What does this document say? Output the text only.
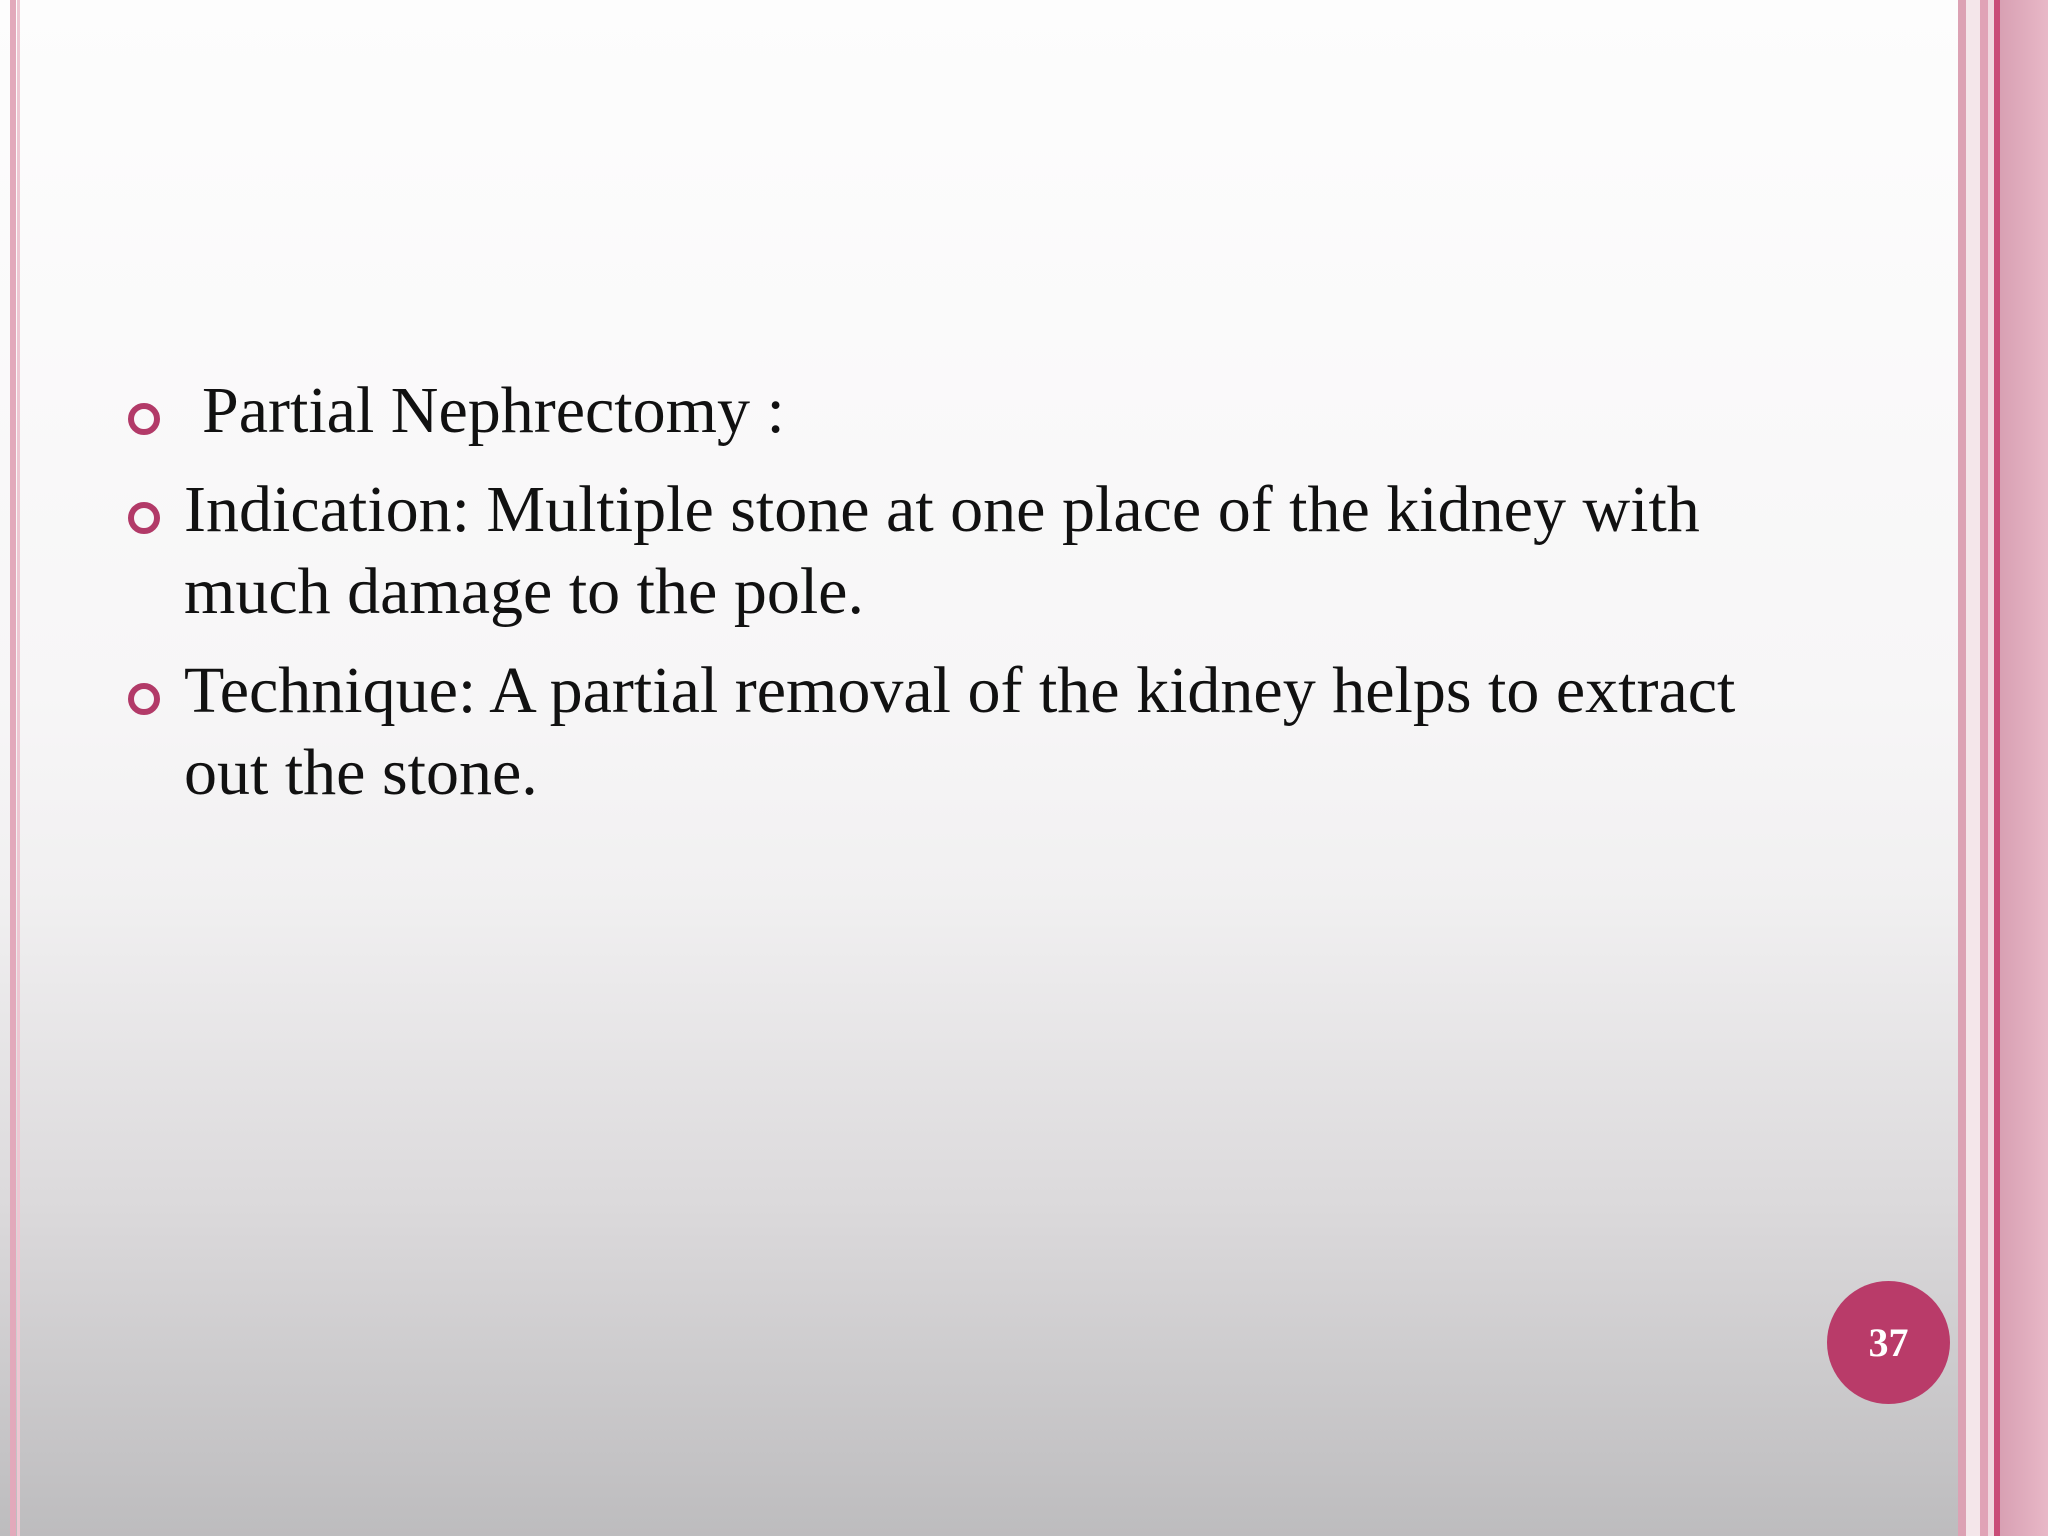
Partial Nephrectomy :
Indication: Multiple stone at one place of the kidney with much damage to the pole.
Technique: A partial removal of the kidney helps to extract out the stone.
37
